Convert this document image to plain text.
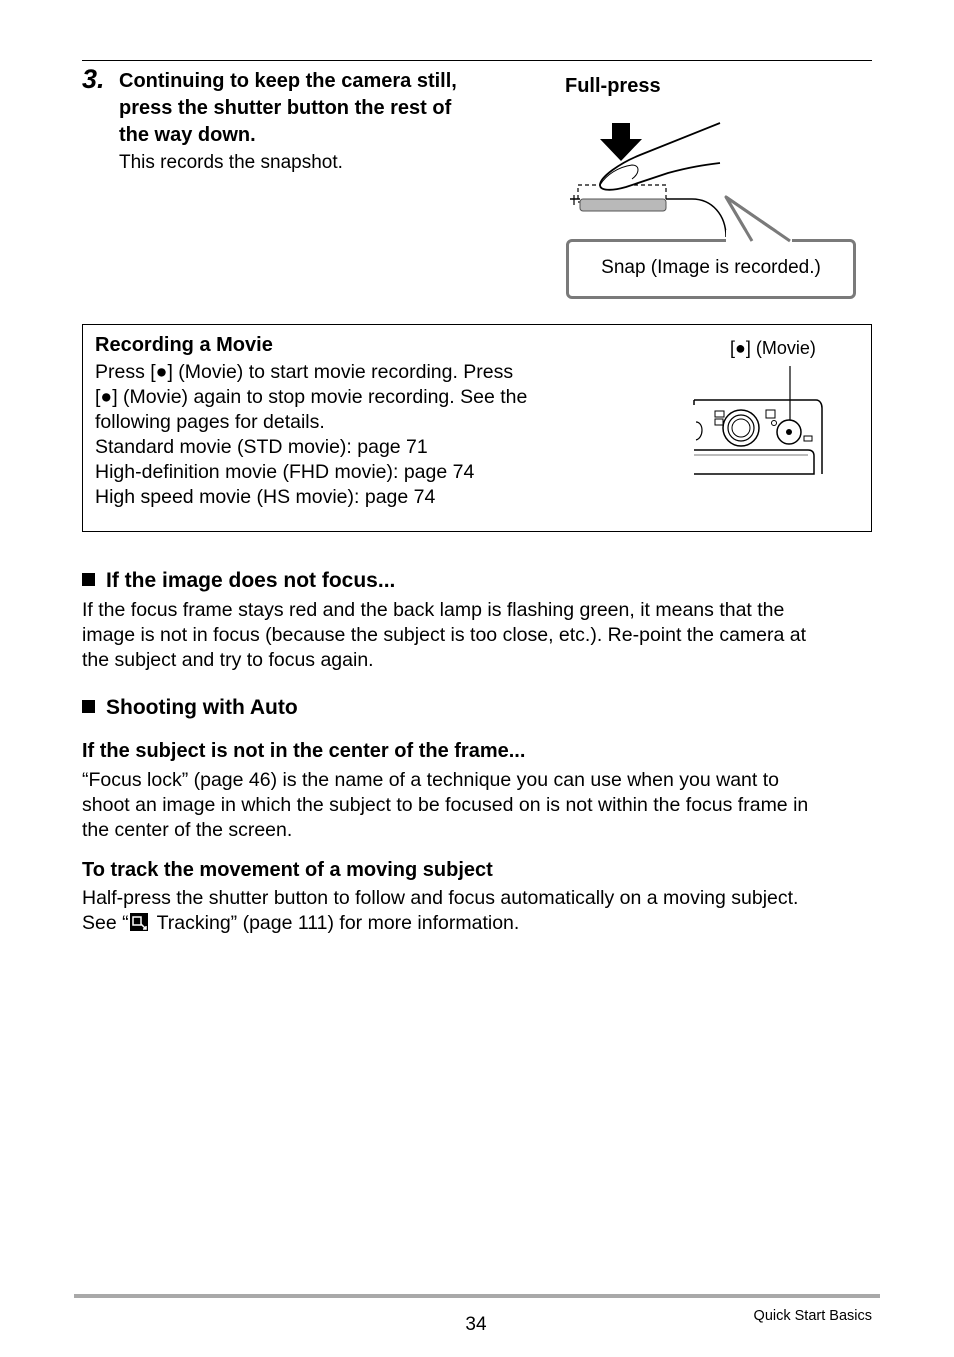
3. Continuing to keep the camera still,
press the shutter button the rest of
the way down.
This records the snapshot.
Full-press
Snap (Image is recorded.)
Recording a Movie
Press [●] (Movie) to start movie recording. Press
[●] (Movie) again to stop movie recording. See the
following pages for details.
Standard movie (STD movie): page 71
High-definition movie (FHD movie): page 74
High speed movie (HS movie): page 74
[●] (Movie)
If the image does not focus...
If the focus frame stays red and the back lamp is flashing green, it means that the
image is not in focus (because the subject is too close, etc.). Re-point the camera at
the subject and try to focus again.
Shooting with Auto
If the subject is not in the center of the frame...
“Focus lock” (page 46) is the name of a technique you can use when you want to
shoot an image in which the subject to be focused on is not within the focus frame in
the center of the screen.
To track the movement of a moving subject
Half-press the shutter button to follow and focus automatically on a moving subject.
See “ Tracking” (page 111) for more information.
34	Quick Start Basics
